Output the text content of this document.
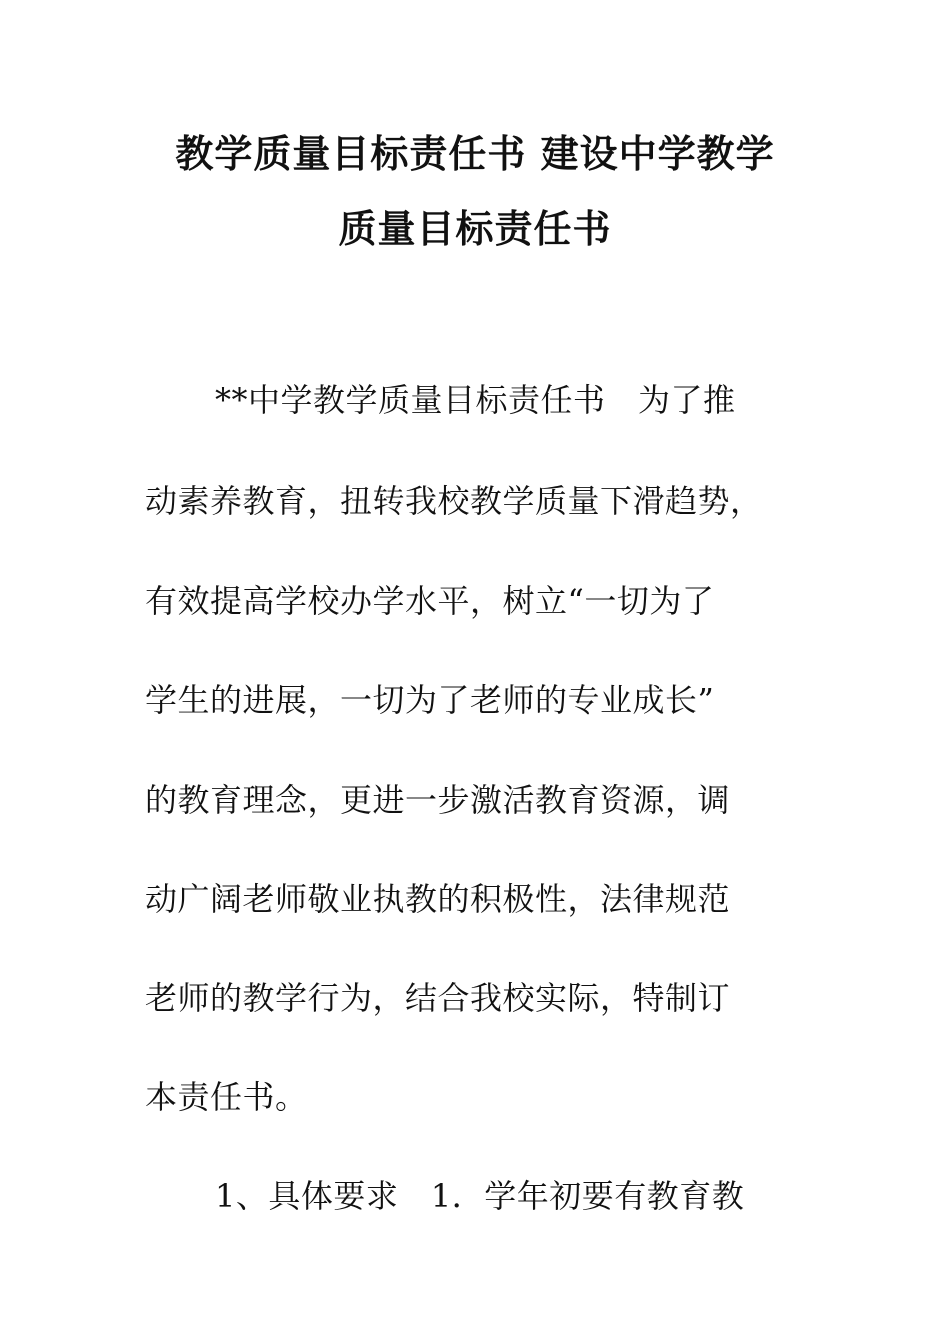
教学质量目标责任书 建设中学教学
质量目标责任书
**中学教学质量目标责任书　为了推
动素养教育，扭转我校教学质量下滑趋势，
有效提高学校办学水平，树立“一切为了
学生的进展，一切为了老师的专业成长”
的教育理念，更进一步激活教育资源，调
动广阔老师敬业执教的积极性，法律规范
老师的教学行为，结合我校实际，特制订
本责任书。
1、具体要求　1．学年初要有教育教
